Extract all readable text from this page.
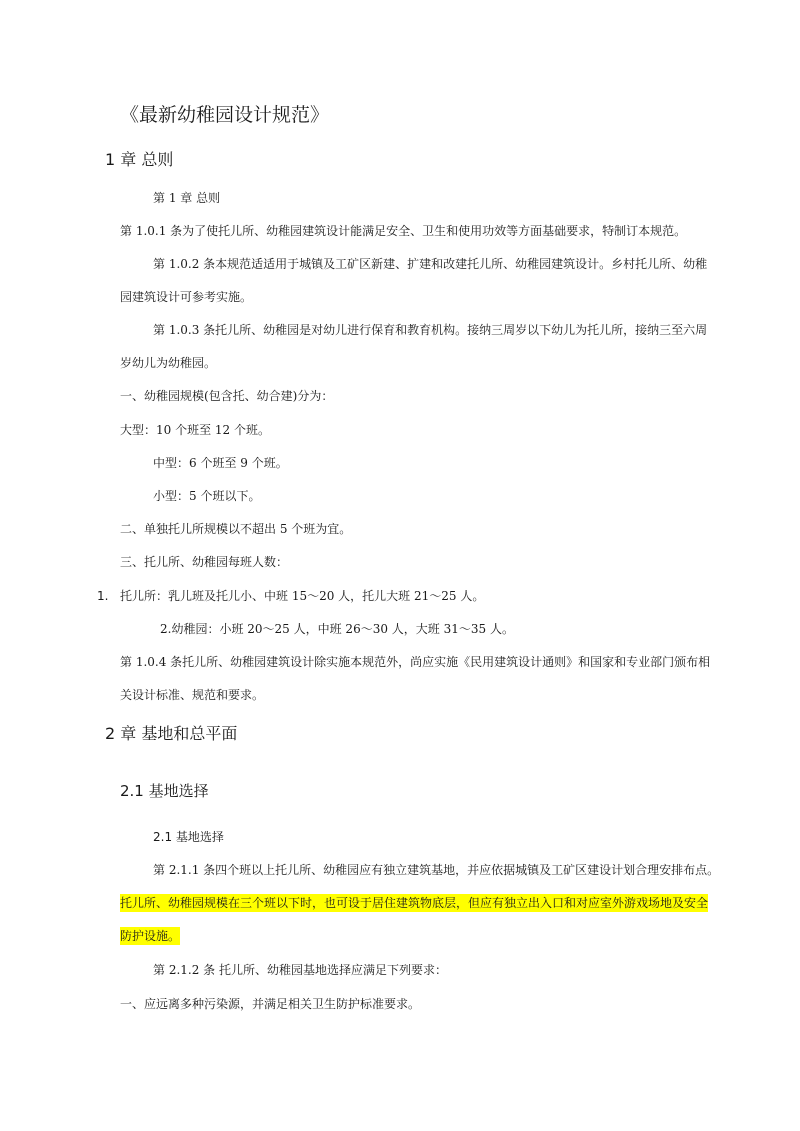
《最新幼稚园设计规范》
1 章 总则
第 1 章 总则
第 1.0.1 条为了使托儿所、幼稚园建筑设计能满足安全、卫生和使用功效等方面基础要求，特制订本规范。
第 1.0.2 条本规范适适用于城镇及工矿区新建、扩建和改建托儿所、幼稚园建筑设计。乡村托儿所、幼稚
园建筑设计可参考实施。
第 1.0.3 条托儿所、幼稚园是对幼儿进行保育和教育机构。接纳三周岁以下幼儿为托儿所，接纳三至六周
岁幼儿为幼稚园。
一、幼稚园规模(包含托、幼合建)分为：
大型：10 个班至 12 个班。
中型：6 个班至 9 个班。
小型：5 个班以下。
二、单独托儿所规模以不超出 5 个班为宜。
三、托儿所、幼稚园每班人数：
1. 托儿所：乳儿班及托儿小、中班 15～20 人，托儿大班 21～25 人。
2.幼稚园：小班 20～25 人，中班 26～30 人，大班 31～35 人。
第 1.0.4 条托儿所、幼稚园建筑设计除实施本规范外，尚应实施《民用建筑设计通则》和国家和专业部门颁布相
关设计标准、规范和要求。
2 章 基地和总平面
2.1 基地选择
2.1 基地选择
第 2.1.1 条四个班以上托儿所、幼稚园应有独立建筑基地，并应依据城镇及工矿区建设计划合理安排布点。
托儿所、幼稚园规模在三个班以下时，也可设于居住建筑物底层，但应有独立出入口和对应室外游戏场地及安全
防护设施。
第 2.1.2 条 托儿所、幼稚园基地选择应满足下列要求：
一、应远离多种污染源，并满足相关卫生防护标准要求。
